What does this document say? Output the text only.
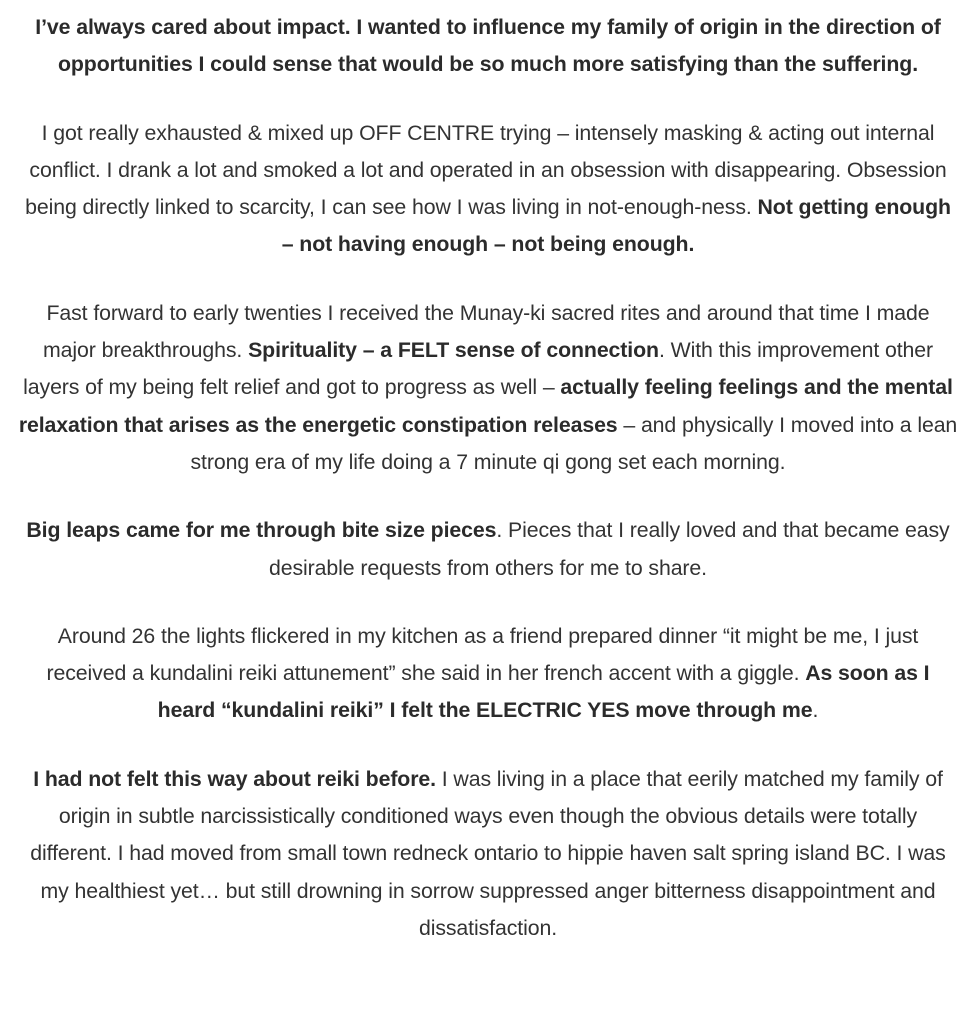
I’ve always cared about impact. I wanted to influence my family of origin in the direction of opportunities I could sense that would be so much more satisfying than the suffering.

I got really exhausted & mixed up OFF CENTRE trying – intensely masking & acting out internal conflict. I drank a lot and smoked a lot and operated in an obsession with disappearing. Obsession being directly linked to scarcity, I can see how I was living in not-enough-ness. Not getting enough – not having enough – not being enough.

Fast forward to early twenties I received the Munay-ki sacred rites and around that time I made major breakthroughs. Spirituality – a FELT sense of connection. With this improvement other layers of my being felt relief and got to progress as well – actually feeling feelings and the mental relaxation that arises as the energetic constipation releases – and physically I moved into a lean strong era of my life doing a 7 minute qi gong set each morning.

Big leaps came for me through bite size pieces. Pieces that I really loved and that became easy desirable requests from others for me to share.

Around 26 the lights flickered in my kitchen as a friend prepared dinner “it might be me, I just received a kundalini reiki attunement” she said in her french accent with a giggle. As soon as I heard “kundalini reiki” I felt the ELECTRIC YES move through me.

I had not felt this way about reiki before. I was living in a place that eerily matched my family of origin in subtle narcissistically conditioned ways even though the obvious details were totally different. I had moved from small town redneck ontario to hippie haven salt spring island BC. I was my healthiest yet… but still drowning in sorrow suppressed anger bitterness disappointment and dissatisfaction.
